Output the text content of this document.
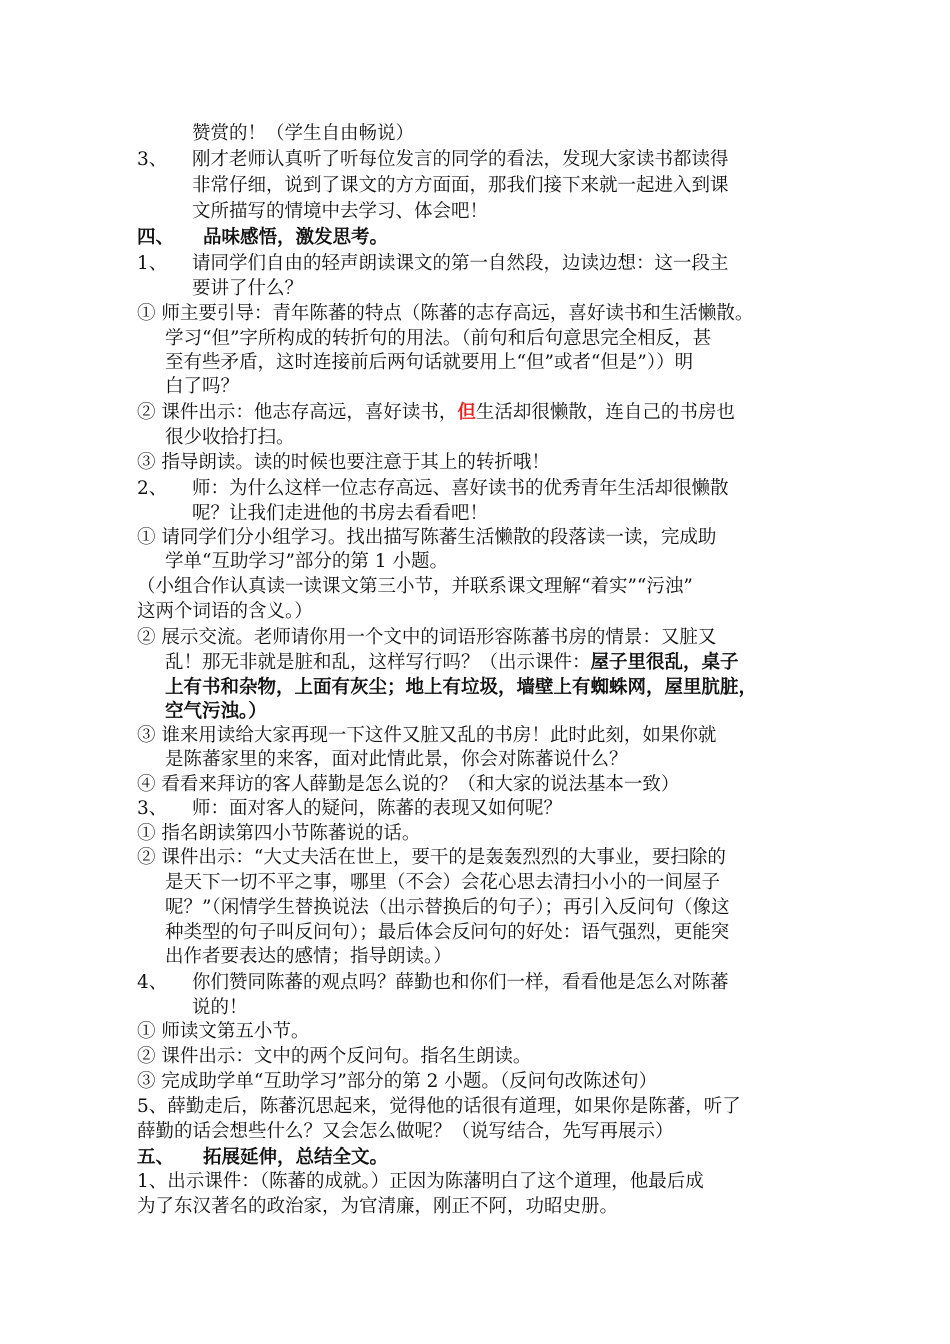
赞赏的！（学生自由畅说）
3、 刚才老师认真听了听每位发言的同学的看法，发现大家读书都读得
非常仔细，说到了课文的方方面面，那我们接下来就一起进入到课
文所描写的情境中去学习、体会吧！
四、 品味感悟，激发思考。
1、 请同学们自由的轻声朗读课文的第一自然段，边读边想：这一段主
要讲了什么？
① 师主要引导：青年陈蕃的特点（陈蕃的志存高远，喜好读书和生活懒散。
学习“但”字所构成的转折句的用法。（前句和后句意思完全相反，甚
至有些矛盾，这时连接前后两句话就要用上“但”或者“但是”））明
白了吗？
② 课件出示：他志存高远，喜好读书，但生活却很懒散，连自己的书房也
很少收拾打扫。
③ 指导朗读。读的时候也要注意于其上的转折哦！
2、 师：为什么这样一位志存高远、喜好读书的优秀青年生活却很懒散
呢？让我们走进他的书房去看看吧！
① 请同学们分小组学习。找出描写陈蕃生活懒散的段落读一读，完成助
学单“互助学习”部分的第 1 小题。
（小组合作认真读一读课文第三小节，并联系课文理解“着实”“污浊”
这两个词语的含义。）
② 展示交流。老师请你用一个文中的词语形容陈蕃书房的情景：又脏又
乱！那无非就是脏和乱，这样写行吗？（出示课件：屋子里很乱，桌子
上有书和杂物，上面有灰尘；地上有垃圾，墙壁上有蜘蛛网，屋里肮脏，
空气污浊。）
③ 谁来用读给大家再现一下这件又脏又乱的书房！此时此刻，如果你就
是陈蕃家里的来客，面对此情此景，你会对陈蕃说什么？
④ 看看来拜访的客人薛勤是怎么说的？（和大家的说法基本一致）
3、 师：面对客人的疑问，陈蕃的表现又如何呢？
① 指名朗读第四小节陈蕃说的话。
② 课件出示：“大丈夫活在世上，要干的是轰轰烈烈的大事业，要扫除的
是天下一切不平之事，哪里（不会）会花心思去清扫小小的一间屋子
呢？”（闲情学生替换说法（出示替换后的句子）；再引入反问句（像这
种类型的句子叫反问句）；最后体会反问句的好处：语气强烈，更能突
出作者要表达的感情；指导朗读。）
4、 你们赞同陈蕃的观点吗？薛勤也和你们一样，看看他是怎么对陈蕃
说的！
① 师读文第五小节。
② 课件出示：文中的两个反问句。指名生朗读。
③ 完成助学单“互助学习”部分的第 2 小题。（反问句改陈述句）
5、薛勤走后，陈蕃沉思起来，觉得他的话很有道理，如果你是陈蕃，听了
薛勤的话会想些什么？又会怎么做呢？（说写结合，先写再展示）
五、 拓展延伸，总结全文。
1、出示课件：（陈蕃的成就。）正因为陈藩明白了这个道理，他最后成
为了东汉著名的政治家，为官清廉，刚正不阿，功昭史册。
